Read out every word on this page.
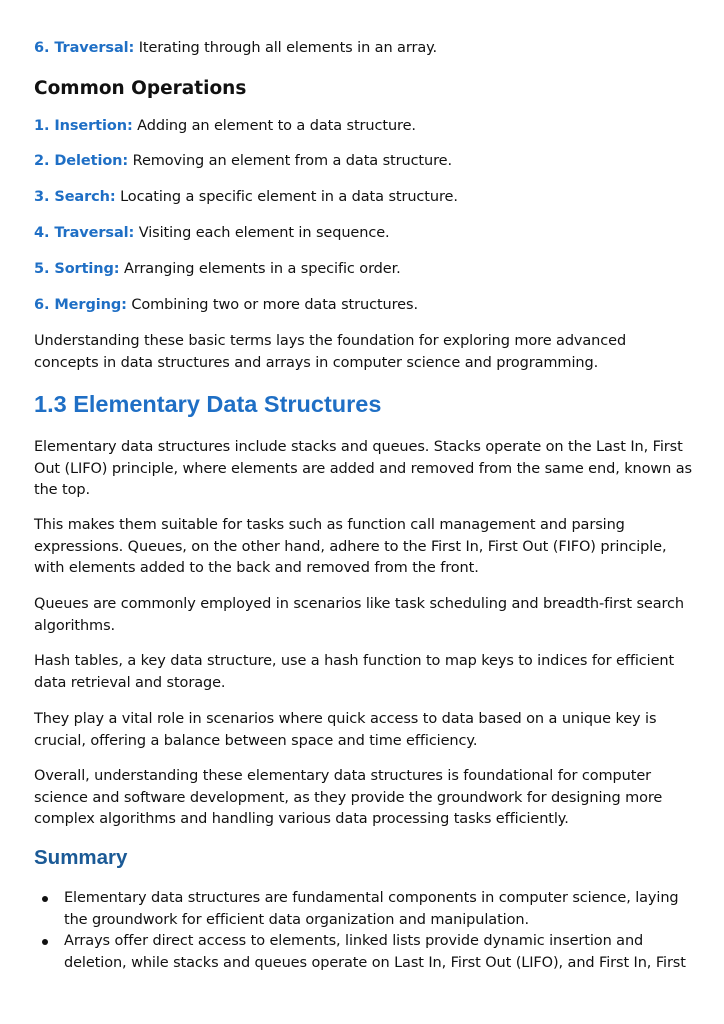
6. Traversal: Iterating through all elements in an array.
Common Operations
1. Insertion: Adding an element to a data structure.
2. Deletion: Removing an element from a data structure.
3. Search: Locating a specific element in a data structure.
4. Traversal: Visiting each element in sequence.
5. Sorting: Arranging elements in a specific order.
6. Merging: Combining two or more data structures.
Understanding these basic terms lays the foundation for exploring more advanced concepts in data structures and arrays in computer science and programming.
1.3 Elementary Data Structures
Elementary data structures include stacks and queues. Stacks operate on the Last In, First Out (LIFO) principle, where elements are added and removed from the same end, known as the top.
This makes them suitable for tasks such as function call management and parsing expressions. Queues, on the other hand, adhere to the First In, First Out (FIFO) principle, with elements added to the back and removed from the front.
Queues are commonly employed in scenarios like task scheduling and breadth-first search algorithms.
Hash tables, a key data structure, use a hash function to map keys to indices for efficient data retrieval and storage.
They play a vital role in scenarios where quick access to data based on a unique key is crucial, offering a balance between space and time efficiency.
Overall, understanding these elementary data structures is foundational for computer science and software development, as they provide the groundwork for designing more complex algorithms and handling various data processing tasks efficiently.
Summary
Elementary data structures are fundamental components in computer science, laying the groundwork for efficient data organization and manipulation.
Arrays offer direct access to elements, linked lists provide dynamic insertion and deletion, while stacks and queues operate on Last In, First Out (LIFO), and First In, First
